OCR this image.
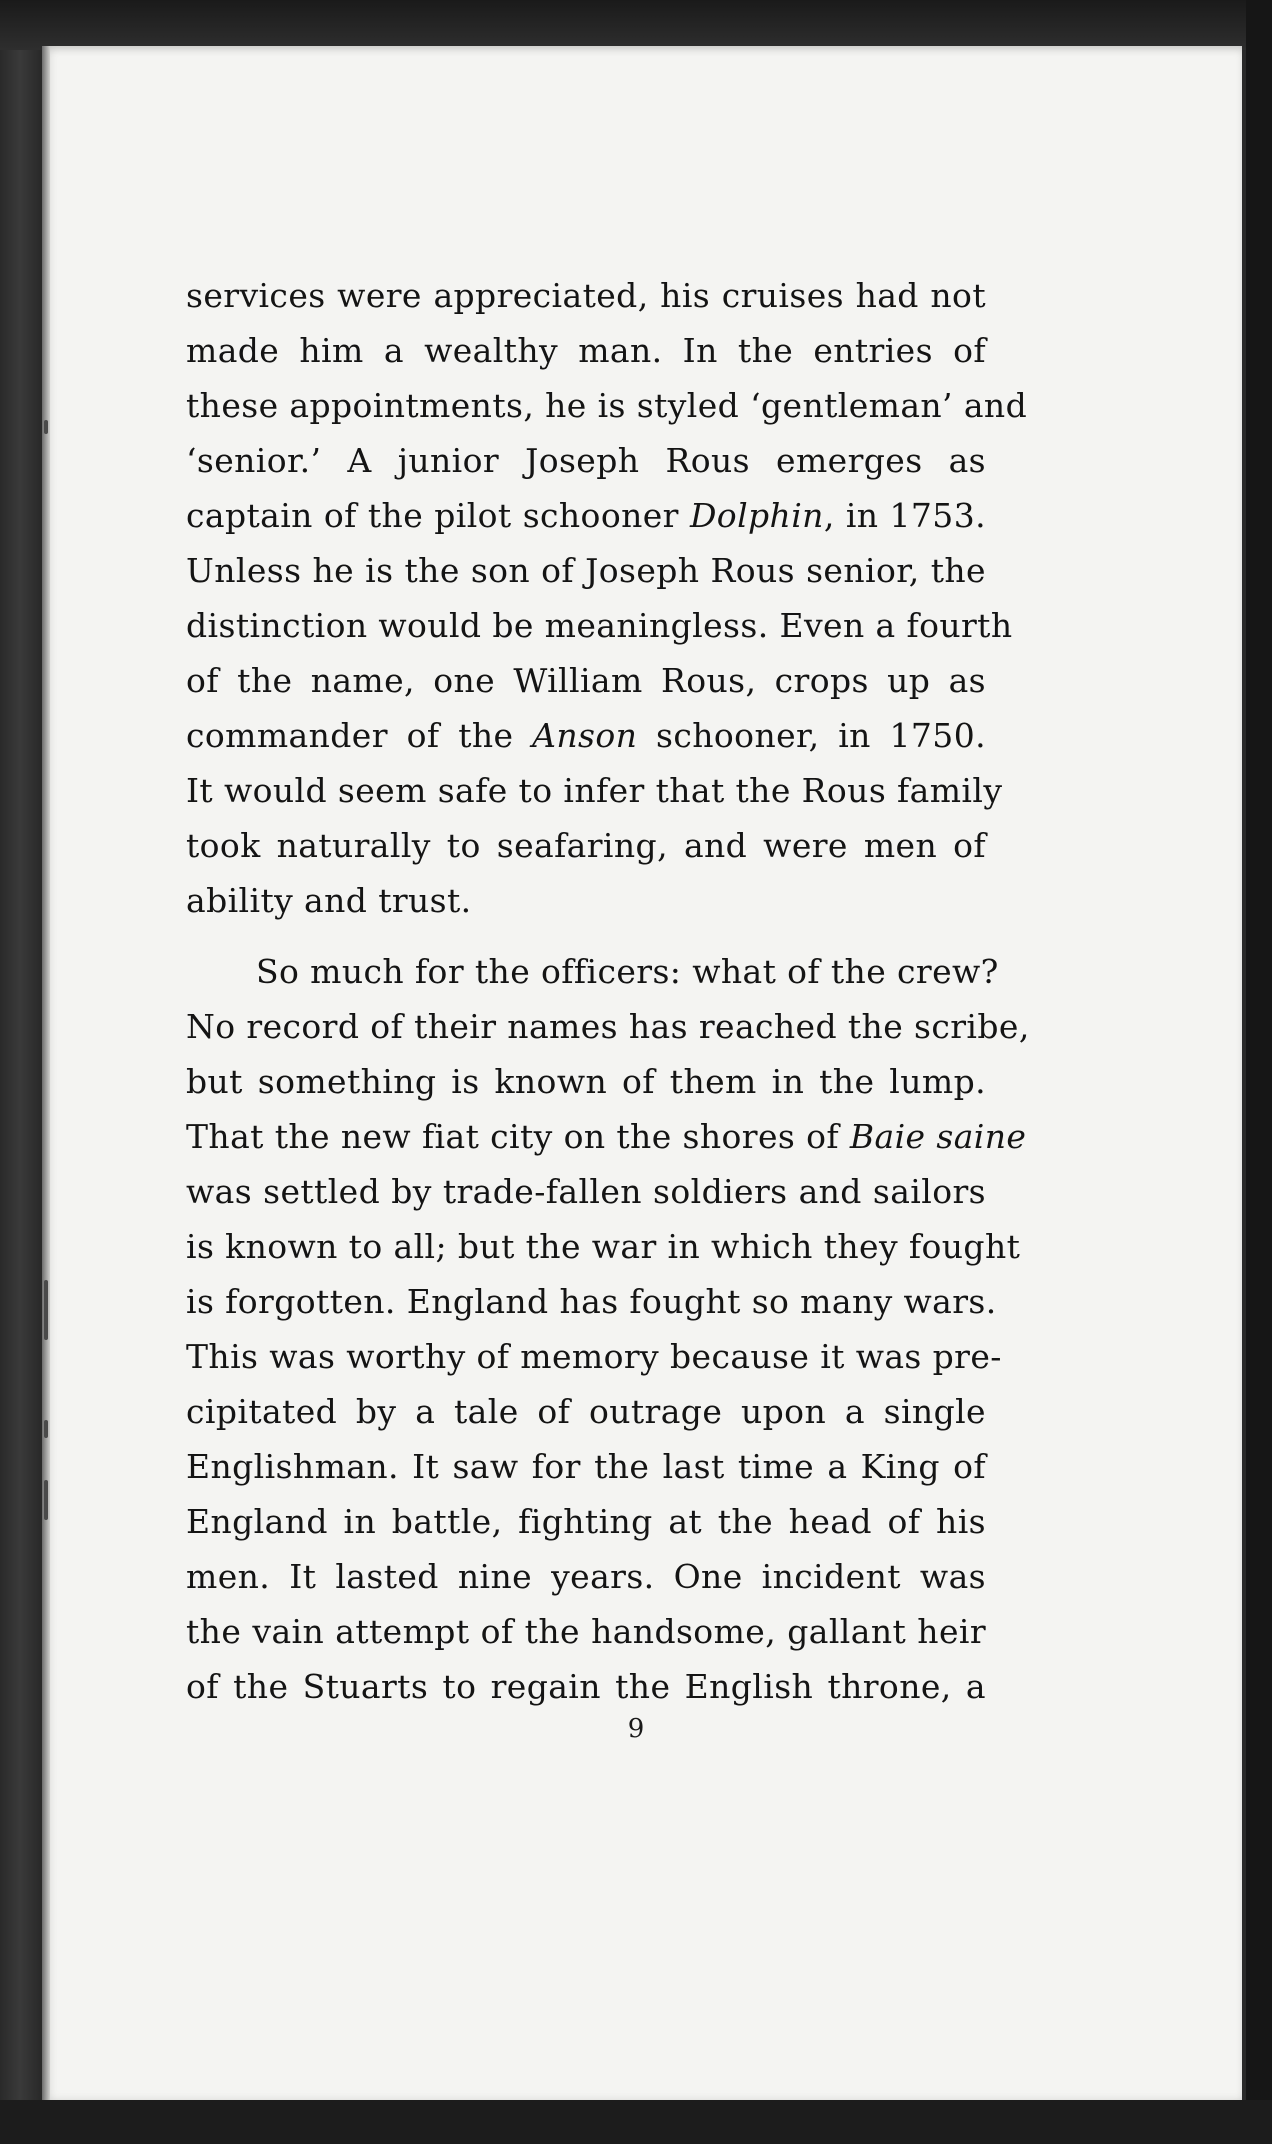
services were appreciated, his cruises had not
made him a wealthy man. In the entries of
these appointments, he is styled ‘gentleman’ and
‘senior.’ A junior Joseph Rous emerges as
captain of the pilot schooner Dolphin, in 1753.
Unless he is the son of Joseph Rous senior, the
distinction would be meaningless. Even a fourth
of the name, one William Rous, crops up as
commander of the Anson schooner, in 1750.
It would seem safe to infer that the Rous family
took naturally to seafaring, and were men of
ability and trust.
So much for the officers: what of the crew?
No record of their names has reached the scribe,
but something is known of them in the lump.
That the new fiat city on the shores of Baie saine
was settled by trade-fallen soldiers and sailors
is known to all; but the war in which they fought
is forgotten. England has fought so many wars.
This was worthy of memory because it was pre-
cipitated by a tale of outrage upon a single
Englishman. It saw for the last time a King of
England in battle, fighting at the head of his
men. It lasted nine years. One incident was
the vain attempt of the handsome, gallant heir
of the Stuarts to regain the English throne, a
9
